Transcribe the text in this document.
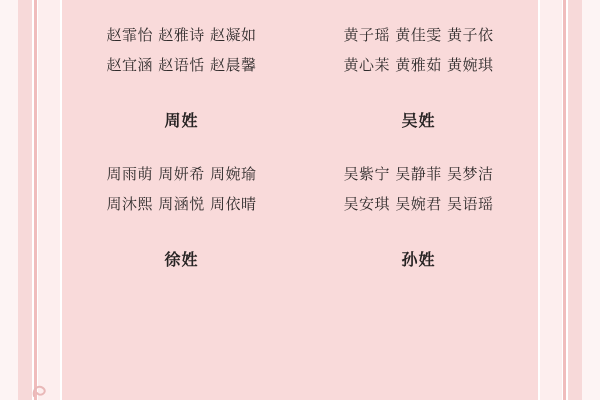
赵霏怡 赵雅诗 赵凝如
赵宜涵 赵语恬 赵晨馨
黄子瑶 黄佳雯 黄子依
黄心苿 黄雅茹 黄婉琪
周姓	吴姓
周雨萌 周妍希 周婉瑜
周沐熙 周涵悦 周依晴
吴紫宁 吴静菲 吴梦洁
吴安琪 吴婉君 吴语瑶
徐姓	孙姓
